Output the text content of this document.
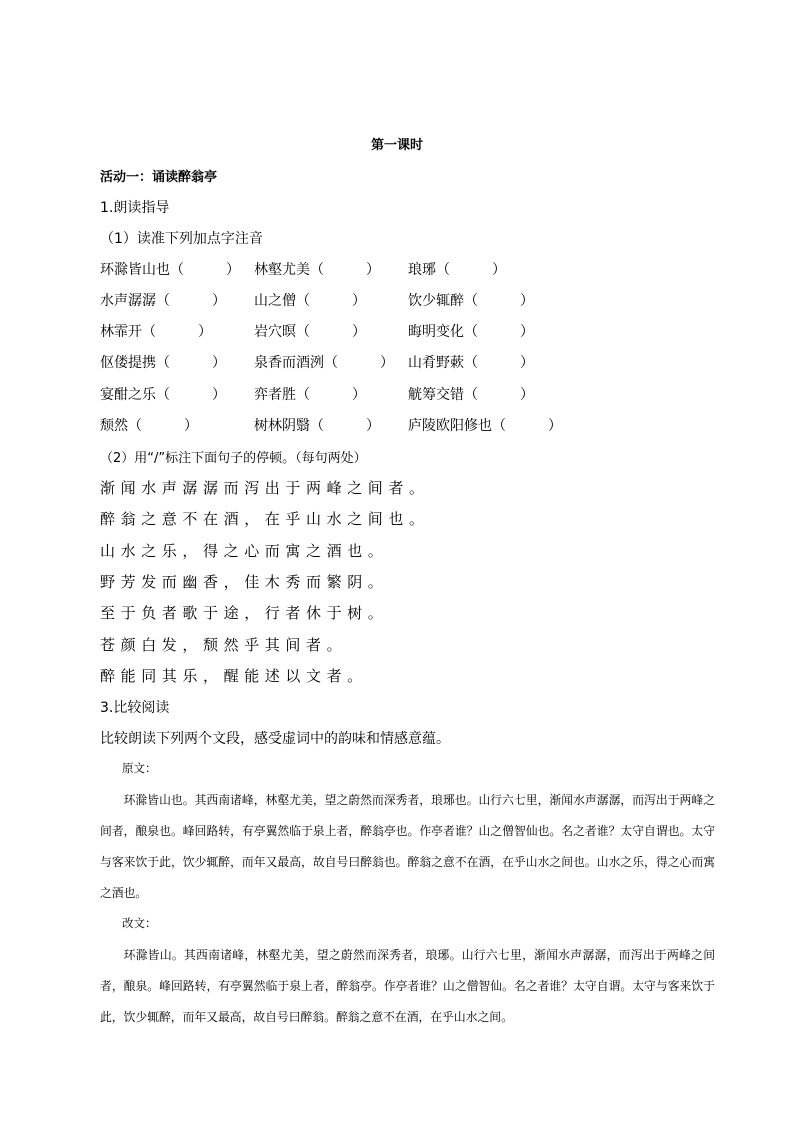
第一课时
活动一：诵读醉翁亭
1.朗读指导
（1）读准下列加点字注音
环滁皆山也（　　　） 林壑尤美（　　　） 琅琊（　　　）
水声潺潺（　　　） 山之僧（　　　）	饮少辄醉（　　　）
林霏开（　　　）	岩穴暝（　　　）	晦明变化（　　　）
伛偻提携（　　　） 泉香而酒洌（　　　） 山肴野蔌（　　　）
宴酣之乐（　　　） 弈者胜（　　　）	觥筹交错（　　　）
颓然（　　　）	树林阴翳（　　　） 庐陵欧阳修也（　　　）
（2）用“/”标注下面句子的停顿。（每句两处）
渐闻水声潺潺而泻出于两峰之间者。
醉翁之意不在酒，在乎山水之间也。
山水之乐，得之心而寓之酒也。
野芳发而幽香，佳木秀而繁阴。
至于负者歌于途，行者休于树。
苍颜白发，颓然乎其间者。
醉能同其乐，醒能述以文者。
3.比较阅读
比较朗读下列两个文段，感受虚词中的韵味和情感意蕴。
原文：
环滁皆山也。其西南诸峰，林壑尤美，望之蔚然而深秀者，琅琊也。山行六七里，渐闻水声潺潺，而泻出于两峰之间者，酿泉也。峰回路转，有亭翼然临于泉上者，醉翁亭也。作亭者谁？山之僧智仙也。名之者谁？太守自谓也。太守与客来饮于此，饮少辄醉，而年又最高，故自号曰醉翁也。醉翁之意不在酒，在乎山水之间也。山水之乐，得之心而寓之酒也。
改文：
环滁皆山。其西南诸峰，林壑尤美，望之蔚然而深秀者，琅琊。山行六七里，渐闻水声潺潺，而泻出于两峰之间者，酿泉。峰回路转，有亭翼然临于泉上者，醉翁亭。作亭者谁？山之僧智仙。名之者谁？太守自谓。太守与客来饮于此，饮少辄醉，而年又最高，故自号曰醉翁。醉翁之意不在酒，在乎山水之间。
